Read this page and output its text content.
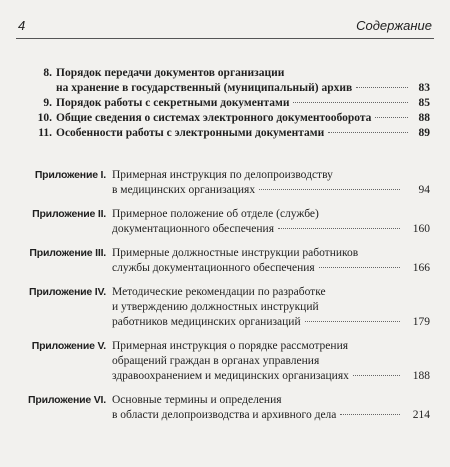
4	Содержание
8. Порядок передачи документов организации
на хранение в государственный (муниципальный) архив	83
9. Порядок работы с секретными документами	85
10. Общие сведения о системах электронного документооборота	88
11. Особенности работы с электронными документами	89
Приложение I. Примерная инструкция по делопроизводству
в медицинских организациях	94
Приложение II. Примерное положение об отделе (службе)
документационного обеспечения	160
Приложение III. Примерные должностные инструкции работников
службы документационного обеспечения	166
Приложение IV. Методические рекомендации по разработке
и утверждению должностных инструкций
работников медицинских организаций	179
Приложение V. Примерная инструкция о порядке рассмотрения
обращений граждан в органах управления
здравоохранением и медицинских организациях	188
Приложение VI. Основные термины и определения
в области делопроизводства и архивного дела	214
